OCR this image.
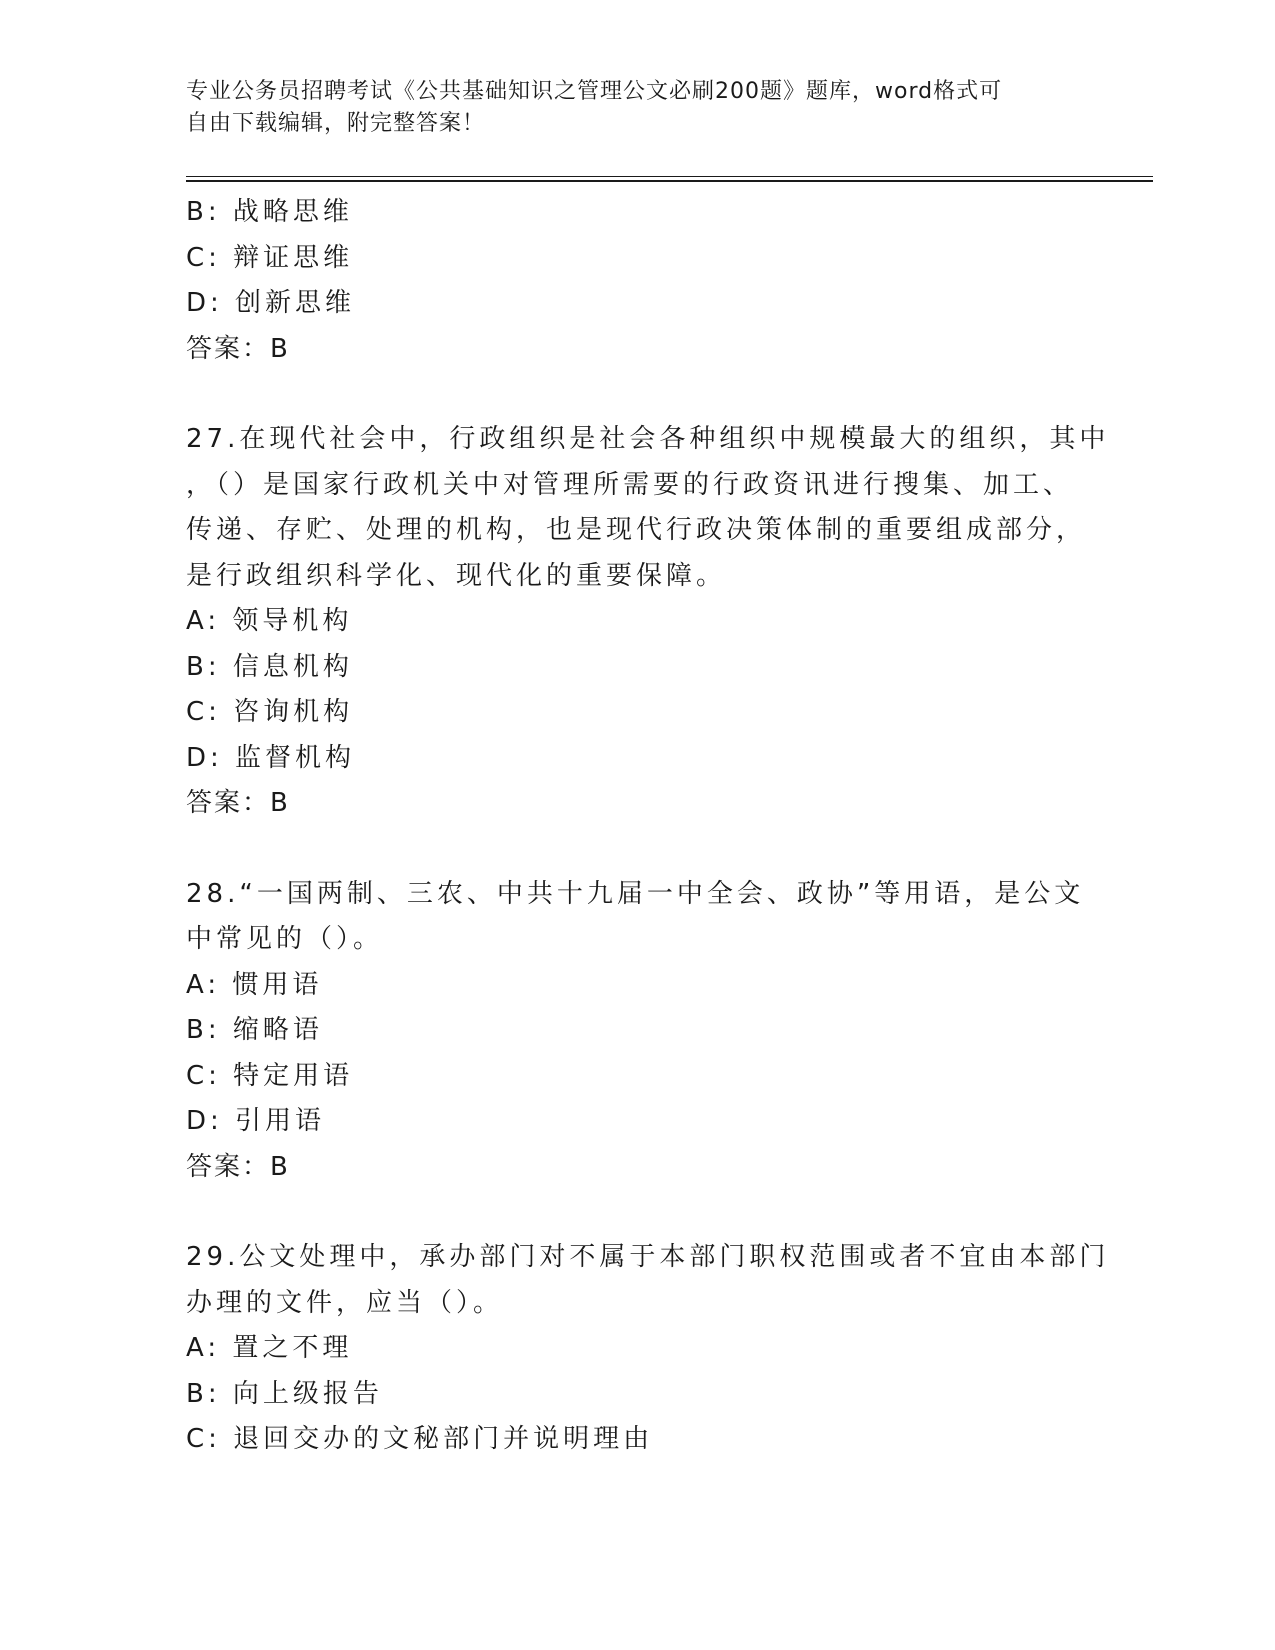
专业公务员招聘考试《公共基础知识之管理公文必刷200题》题库，word格式可
自由下载编辑，附完整答案！
B: 战略思维
C: 辩证思维
D: 创新思维
答案：B
27.在现代社会中，行政组织是社会各种组织中规模最大的组织，其中
，（）是国家行政机关中对管理所需要的行政资讯进行搜集、加工、
传递、存贮、处理的机构，也是现代行政决策体制的重要组成部分，
是行政组织科学化、现代化的重要保障。
A: 领导机构
B: 信息机构
C: 咨询机构
D: 监督机构
答案：B
28.“一国两制、三农、中共十九届一中全会、政协”等用语，是公文
中常见的（）。
A: 惯用语
B: 缩略语
C: 特定用语
D: 引用语
答案：B
29.公文处理中，承办部门对不属于本部门职权范围或者不宜由本部门
办理的文件，应当（）。
A: 置之不理
B: 向上级报告
C: 退回交办的文秘部门并说明理由
